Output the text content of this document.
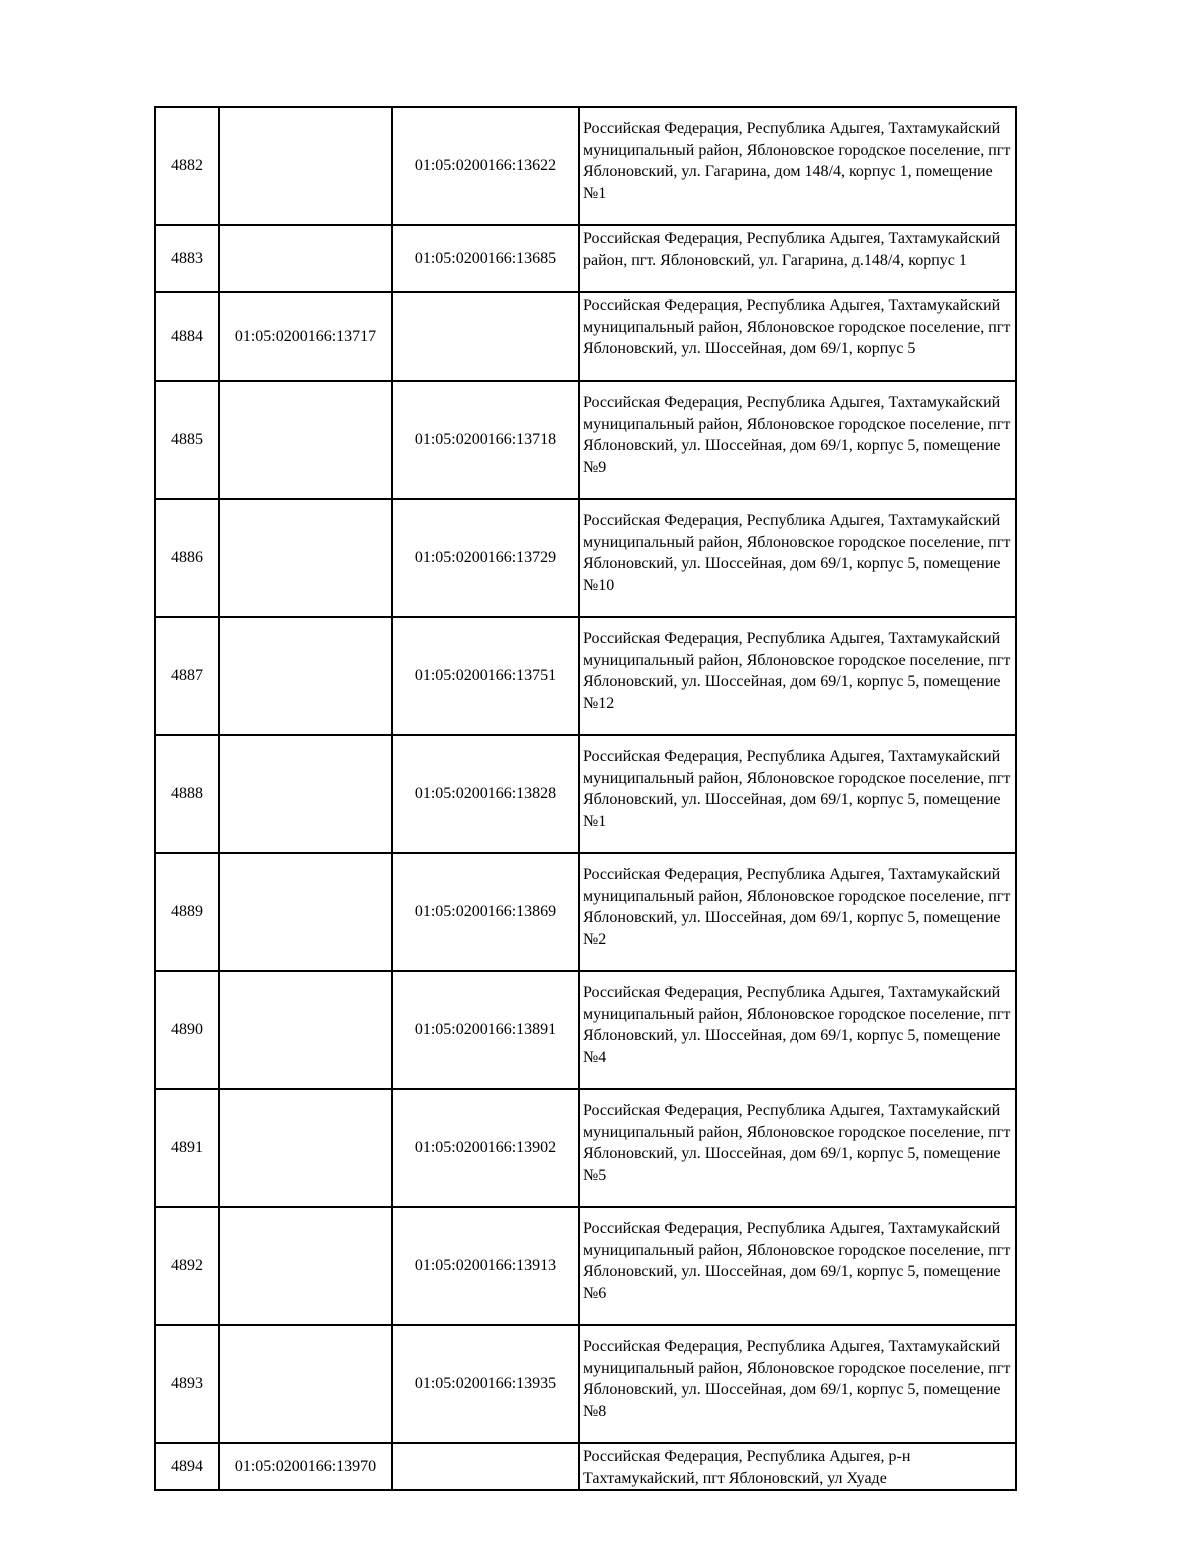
4882		01:05:0200166:13622	Российская Федерация, Республика Адыгея, Тахтамукайский муниципальный район, Яблоновское городское поселение, пгт Яблоновский, ул. Гагарина, дом 148/4, корпус 1, помещение №1
4883		01:05:0200166:13685	Российская Федерация, Республика Адыгея, Тахтамукайский район, пгт. Яблоновский, ул. Гагарина, д.148/4, корпус 1
4884	01:05:0200166:13717		Российская Федерация, Республика Адыгея, Тахтамукайский муниципальный район, Яблоновское городское поселение, пгт Яблоновский, ул. Шоссейная, дом 69/1, корпус 5
4885		01:05:0200166:13718	Российская Федерация, Республика Адыгея, Тахтамукайский муниципальный район, Яблоновское городское поселение, пгт Яблоновский, ул. Шоссейная, дом 69/1, корпус 5, помещение №9
4886		01:05:0200166:13729	Российская Федерация, Республика Адыгея, Тахтамукайский муниципальный район, Яблоновское городское поселение, пгт Яблоновский, ул. Шоссейная, дом 69/1, корпус 5, помещение №10
4887		01:05:0200166:13751	Российская Федерация, Республика Адыгея, Тахтамукайский муниципальный район, Яблоновское городское поселение, пгт Яблоновский, ул. Шоссейная, дом 69/1, корпус 5, помещение №12
4888		01:05:0200166:13828	Российская Федерация, Республика Адыгея, Тахтамукайский муниципальный район, Яблоновское городское поселение, пгт Яблоновский, ул. Шоссейная, дом 69/1, корпус 5, помещение №1
4889		01:05:0200166:13869	Российская Федерация, Республика Адыгея, Тахтамукайский муниципальный район, Яблоновское городское поселение, пгт Яблоновский, ул. Шоссейная, дом 69/1, корпус 5, помещение №2
4890		01:05:0200166:13891	Российская Федерация, Республика Адыгея, Тахтамукайский муниципальный район, Яблоновское городское поселение, пгт Яблоновский, ул. Шоссейная, дом 69/1, корпус 5, помещение №4
4891		01:05:0200166:13902	Российская Федерация, Республика Адыгея, Тахтамукайский муниципальный район, Яблоновское городское поселение, пгт Яблоновский, ул. Шоссейная, дом 69/1, корпус 5, помещение №5
4892		01:05:0200166:13913	Российская Федерация, Республика Адыгея, Тахтамукайский муниципальный район, Яблоновское городское поселение, пгт Яблоновский, ул. Шоссейная, дом 69/1, корпус 5, помещение №6
4893		01:05:0200166:13935	Российская Федерация, Республика Адыгея, Тахтамукайский муниципальный район, Яблоновское городское поселение, пгт Яблоновский, ул. Шоссейная, дом 69/1, корпус 5, помещение №8
4894	01:05:0200166:13970		Российская Федерация, Республика Адыгея, р-н Тахтамукайский, пгт Яблоновский, ул Хуаде
